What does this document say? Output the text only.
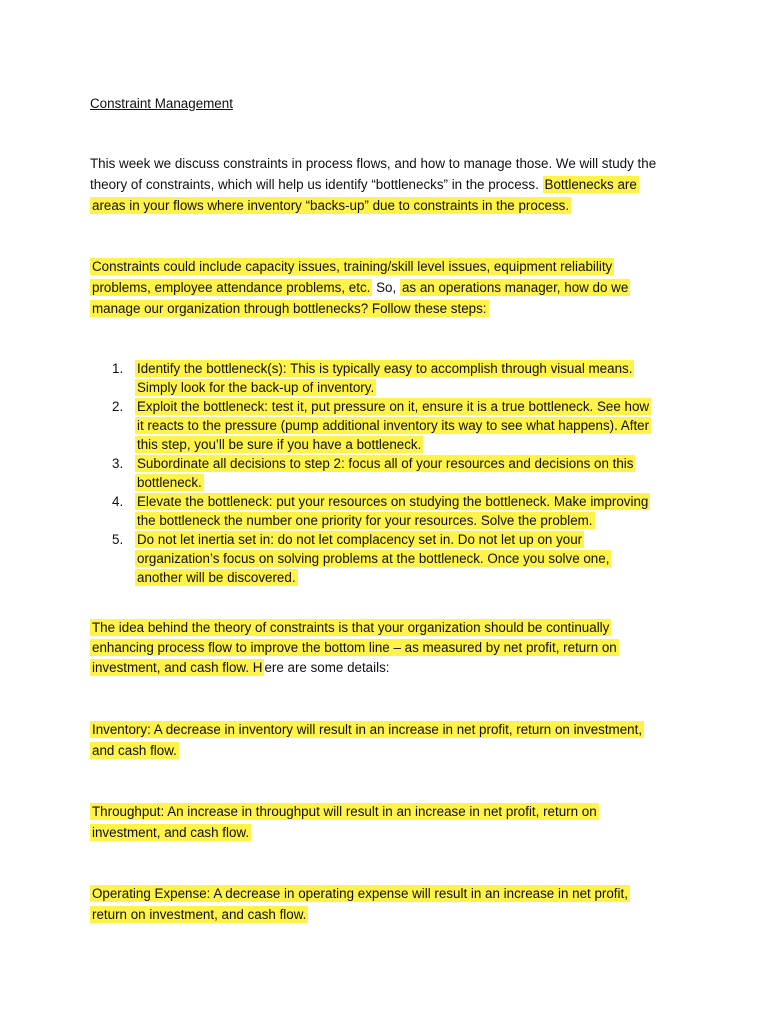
Constraint Management
This week we discuss constraints in process flows, and how to manage those. We will study the
theory of constraints, which will help us identify “bottlenecks” in the process. Bottlenecks are
areas in your flows where inventory “backs-up” due to constraints in the process.
Constraints could include capacity issues, training/skill level issues, equipment reliability
problems, employee attendance problems, etc. So, as an operations manager, how do we
manage our organization through bottlenecks? Follow these steps:
1. Identify the bottleneck(s): This is typically easy to accomplish through visual means.
Simply look for the back-up of inventory.
2. Exploit the bottleneck: test it, put pressure on it, ensure it is a true bottleneck. See how
it reacts to the pressure (pump additional inventory its way to see what happens). After
this step, you’ll be sure if you have a bottleneck.
3. Subordinate all decisions to step 2: focus all of your resources and decisions on this
bottleneck.
4. Elevate the bottleneck: put your resources on studying the bottleneck. Make improving
the bottleneck the number one priority for your resources. Solve the problem.
5. Do not let inertia set in: do not let complacency set in. Do not let up on your
organization’s focus on solving problems at the bottleneck. Once you solve one,
another will be discovered.
The idea behind the theory of constraints is that your organization should be continually
enhancing process flow to improve the bottom line – as measured by net profit, return on
investment, and cash flow. H ere are some details:
Inventory: A decrease in inventory will result in an increase in net profit, return on investment,
and cash flow.
Throughput: An increase in throughput will result in an increase in net profit, return on
investment, and cash flow.
Operating Expense: A decrease in operating expense will result in an increase in net profit,
return on investment, and cash flow.
